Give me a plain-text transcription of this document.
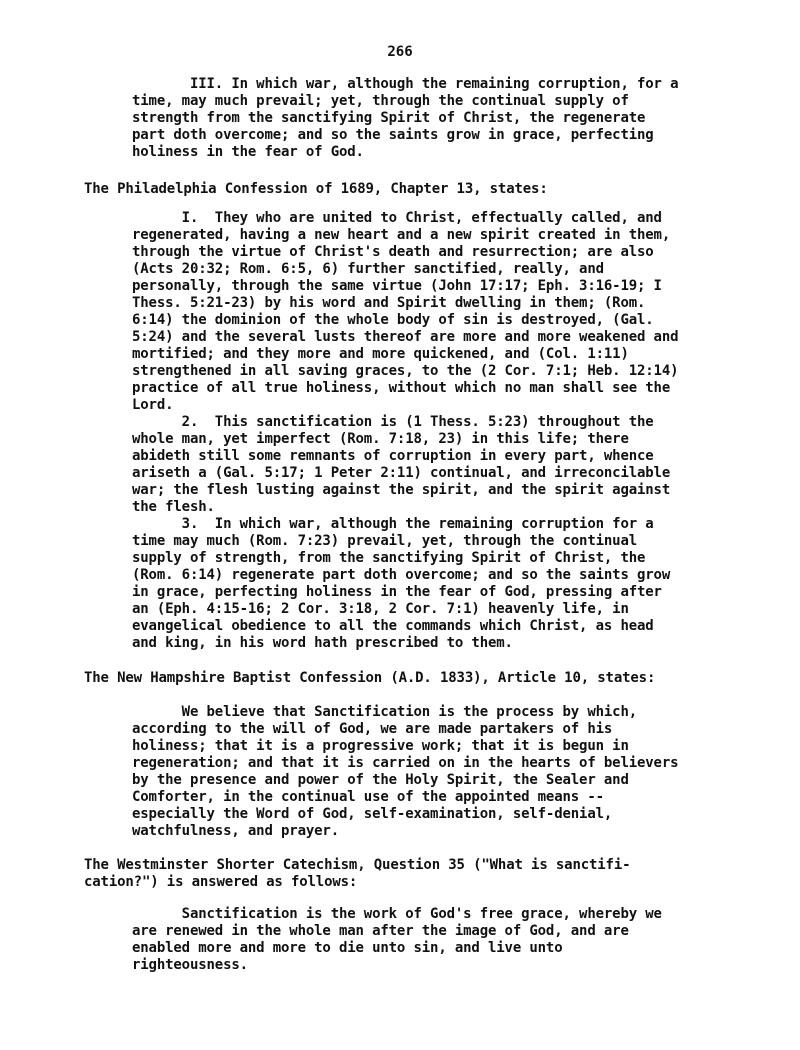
266
III. In which war, although the remaining corruption, for a
time, may much prevail; yet, through the continual supply of
strength from the sanctifying Spirit of Christ, the regenerate
part doth overcome; and so the saints grow in grace, perfecting
holiness in the fear of God.
The Philadelphia Confession of 1689, Chapter 13, states:
I.  They who are united to Christ, effectually called, and
regenerated, having a new heart and a new spirit created in them,
through the virtue of Christ's death and resurrection; are also
(Acts 20:32; Rom. 6:5, 6) further sanctified, really, and
personally, through the same virtue (John 17:17; Eph. 3:16-19; I
Thess. 5:21-23) by his word and Spirit dwelling in them; (Rom.
6:14) the dominion of the whole body of sin is destroyed, (Gal.
5:24) and the several lusts thereof are more and more weakened and
mortified; and they more and more quickened, and (Col. 1:11)
strengthened in all saving graces, to the (2 Cor. 7:1; Heb. 12:14)
practice of all true holiness, without which no man shall see the
Lord.
2.  This sanctification is (1 Thess. 5:23) throughout the
whole man, yet imperfect (Rom. 7:18, 23) in this life; there
abideth still some remnants of corruption in every part, whence
ariseth a (Gal. 5:17; 1 Peter 2:11) continual, and irreconcilable
war; the flesh lusting against the spirit, and the spirit against
the flesh.
3.  In which war, although the remaining corruption for a
time may much (Rom. 7:23) prevail, yet, through the continual
supply of strength, from the sanctifying Spirit of Christ, the
(Rom. 6:14) regenerate part doth overcome; and so the saints grow
in grace, perfecting holiness in the fear of God, pressing after
an (Eph. 4:15-16; 2 Cor. 3:18, 2 Cor. 7:1) heavenly life, in
evangelical obedience to all the commands which Christ, as head
and king, in his word hath prescribed to them.
The New Hampshire Baptist Confession (A.D. 1833), Article 10, states:
We believe that Sanctification is the process by which,
according to the will of God, we are made partakers of his
holiness; that it is a progressive work; that it is begun in
regeneration; and that it is carried on in the hearts of believers
by the presence and power of the Holy Spirit, the Sealer and
Comforter, in the continual use of the appointed means --
especially the Word of God, self-examination, self-denial,
watchfulness, and prayer.
The Westminster Shorter Catechism, Question 35 ("What is sanctifi-
cation?") is answered as follows:
Sanctification is the work of God's free grace, whereby we
are renewed in the whole man after the image of God, and are
enabled more and more to die unto sin, and live unto
righteousness.
